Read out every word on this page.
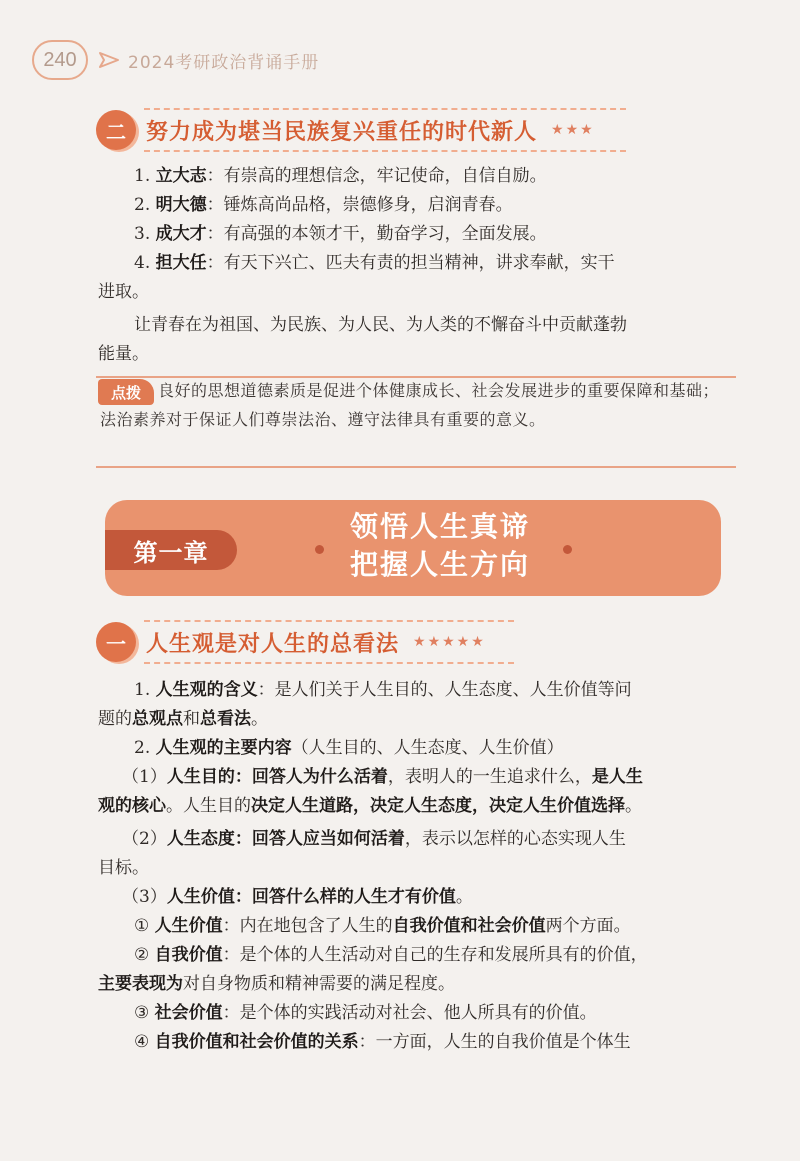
240	2024考研政治背诵手册
二 努力成为堪当民族复兴重任的时代新人 ★★★
1. 立大志：有崇高的理想信念，牢记使命，自信自励。
2. 明大德：锤炼高尚品格，崇德修身，启润青春。
3. 成大才：有高强的本领才干，勤奋学习，全面发展。
4. 担大任：有天下兴亡、匹夫有责的担当精神，讲求奉献，实干
进取。
让青春在为祖国、为民族、为人民、为人类的不懈奋斗中贡献蓬勃
能量。
良好的思想道德素质是促进个体健康成长、社会发展进步的重要保障和基础；法治素养对于保证人们尊崇法治、遵守法律具有重要的意义。
点拨
第一章
领悟人生真谛
把握人生方向
一 人生观是对人生的总看法 ★★★★★
1. 人生观的含义：是人们关于人生目的、人生态度、人生价值等问
题的总观点和总看法。
2. 人生观的主要内容（人生目的、人生态度、人生价值）
（1）人生目的：回答人为什么活着，表明人的一生追求什么，是人生
观的核心。人生目的决定人生道路，决定人生态度，决定人生价值选择。
（2）人生态度：回答人应当如何活着，表示以怎样的心态实现人生
目标。
（3）人生价值：回答什么样的人生才有价值。
① 人生价值：内在地包含了人生的自我价值和社会价值两个方面。
② 自我价值：是个体的人生活动对自己的生存和发展所具有的价值，
主要表现为对自身物质和精神需要的满足程度。
③ 社会价值：是个体的实践活动对社会、他人所具有的价值。
④ 自我价值和社会价值的关系：一方面，人生的自我价值是个体生
